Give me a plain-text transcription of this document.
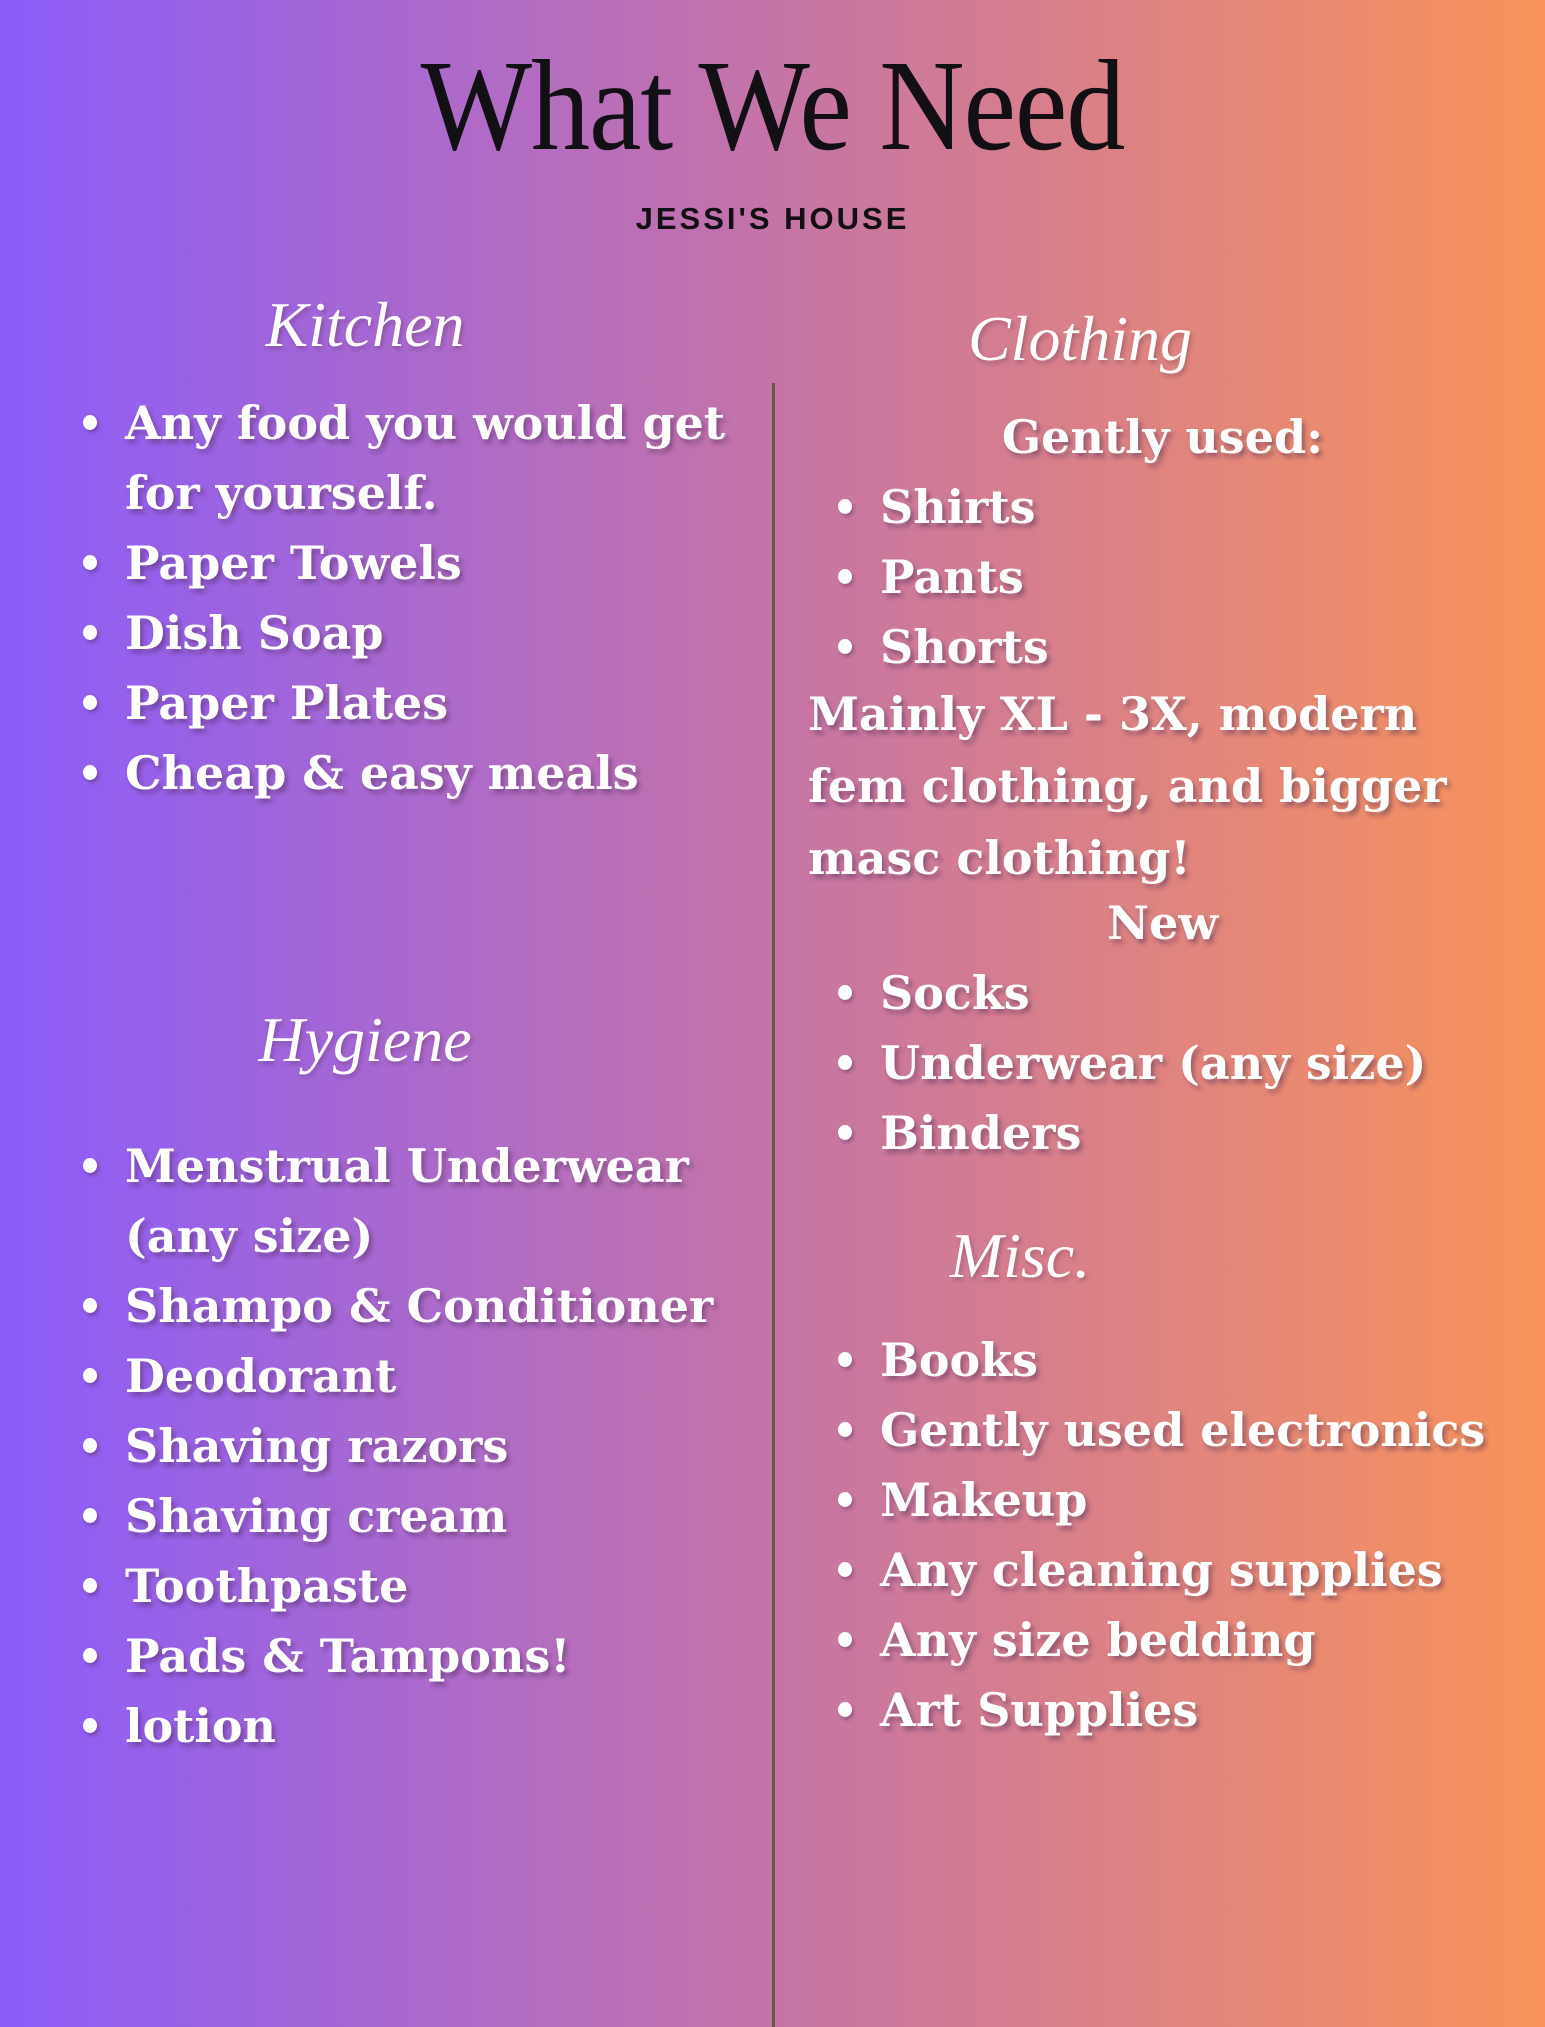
What We Need
JESSI'S HOUSE
Kitchen
Any food you would get for yourself.
Paper Towels
Dish Soap
Paper Plates
Cheap & easy meals
Hygiene
Menstrual Underwear (any size)
Shampo & Conditioner
Deodorant
Shaving razors
Shaving cream
Toothpaste
Pads & Tampons!
lotion
Clothing
Gently used:
Shirts
Pants
Shorts

Mainly XL - 3X, modern fem clothing, and bigger masc clothing!

New
Socks
Underwear (any size)
Binders
Misc.
Books
Gently used electronics
Makeup
Any cleaning supplies
Any size bedding
Art Supplies
